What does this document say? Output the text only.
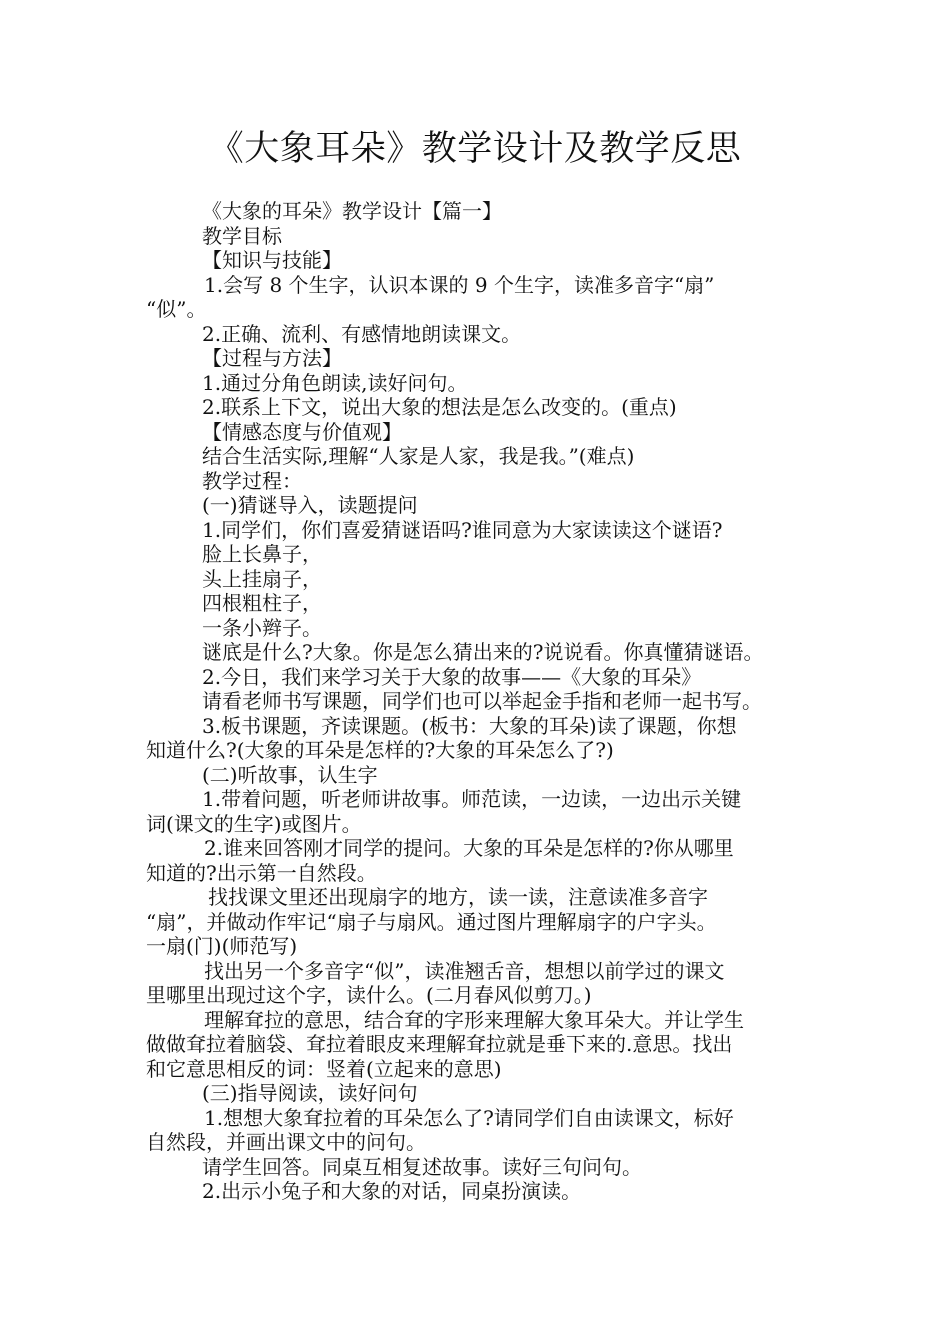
《大象耳朵》教学设计及教学反思
《大象的耳朵》教学设计【篇一】
教学目标
【知识与技能】
1.会写 8 个生字，认识本课的 9 个生字，读准多音字“扇”
“似”。
2.正确、流利、有感情地朗读课文。
【过程与方法】
1.通过分角色朗读,读好问句。
2.联系上下文，说出大象的想法是怎么改变的。(重点)
【情感态度与价值观】
结合生活实际,理解“人家是人家，我是我。”(难点)
教学过程：
(一)猜谜导入，读题提问
1.同学们，你们喜爱猜谜语吗?谁同意为大家读读这个谜语?
脸上长鼻子，
头上挂扇子，
四根粗柱子，
一条小辫子。
谜底是什么?大象。你是怎么猜出来的?说说看。你真懂猜谜语。
2.今日，我们来学习关于大象的故事——《大象的耳朵》
请看老师书写课题，同学们也可以举起金手指和老师一起书写。
3.板书课题，齐读课题。(板书：大象的耳朵)读了课题，你想
知道什么?(大象的耳朵是怎样的?大象的耳朵怎么了?)
(二)听故事，认生字
1.带着问题，听老师讲故事。师范读，一边读，一边出示关键
词(课文的生字)或图片。
2.谁来回答刚才同学的提问。大象的耳朵是怎样的?你从哪里
知道的?出示第一自然段。
找找课文里还出现扇字的地方，读一读，注意读准多音字
“扇”，并做动作牢记“扇子与扇风。通过图片理解扇字的户字头。
一扇(门)(师范写)
找出另一个多音字“似”，读准翘舌音，想想以前学过的课文
里哪里出现过这个字，读什么。(二月春风似剪刀。)
理解耷拉的意思，结合耷的字形来理解大象耳朵大。并让学生
做做耷拉着脑袋、耷拉着眼皮来理解耷拉就是垂下来的.意思。找出
和它意思相反的词：竖着(立起来的意思)
(三)指导阅读，读好问句
1.想想大象耷拉着的耳朵怎么了?请同学们自由读课文，标好
自然段，并画出课文中的问句。
请学生回答。同桌互相复述故事。读好三句问句。
2.出示小兔子和大象的对话，同桌扮演读。
